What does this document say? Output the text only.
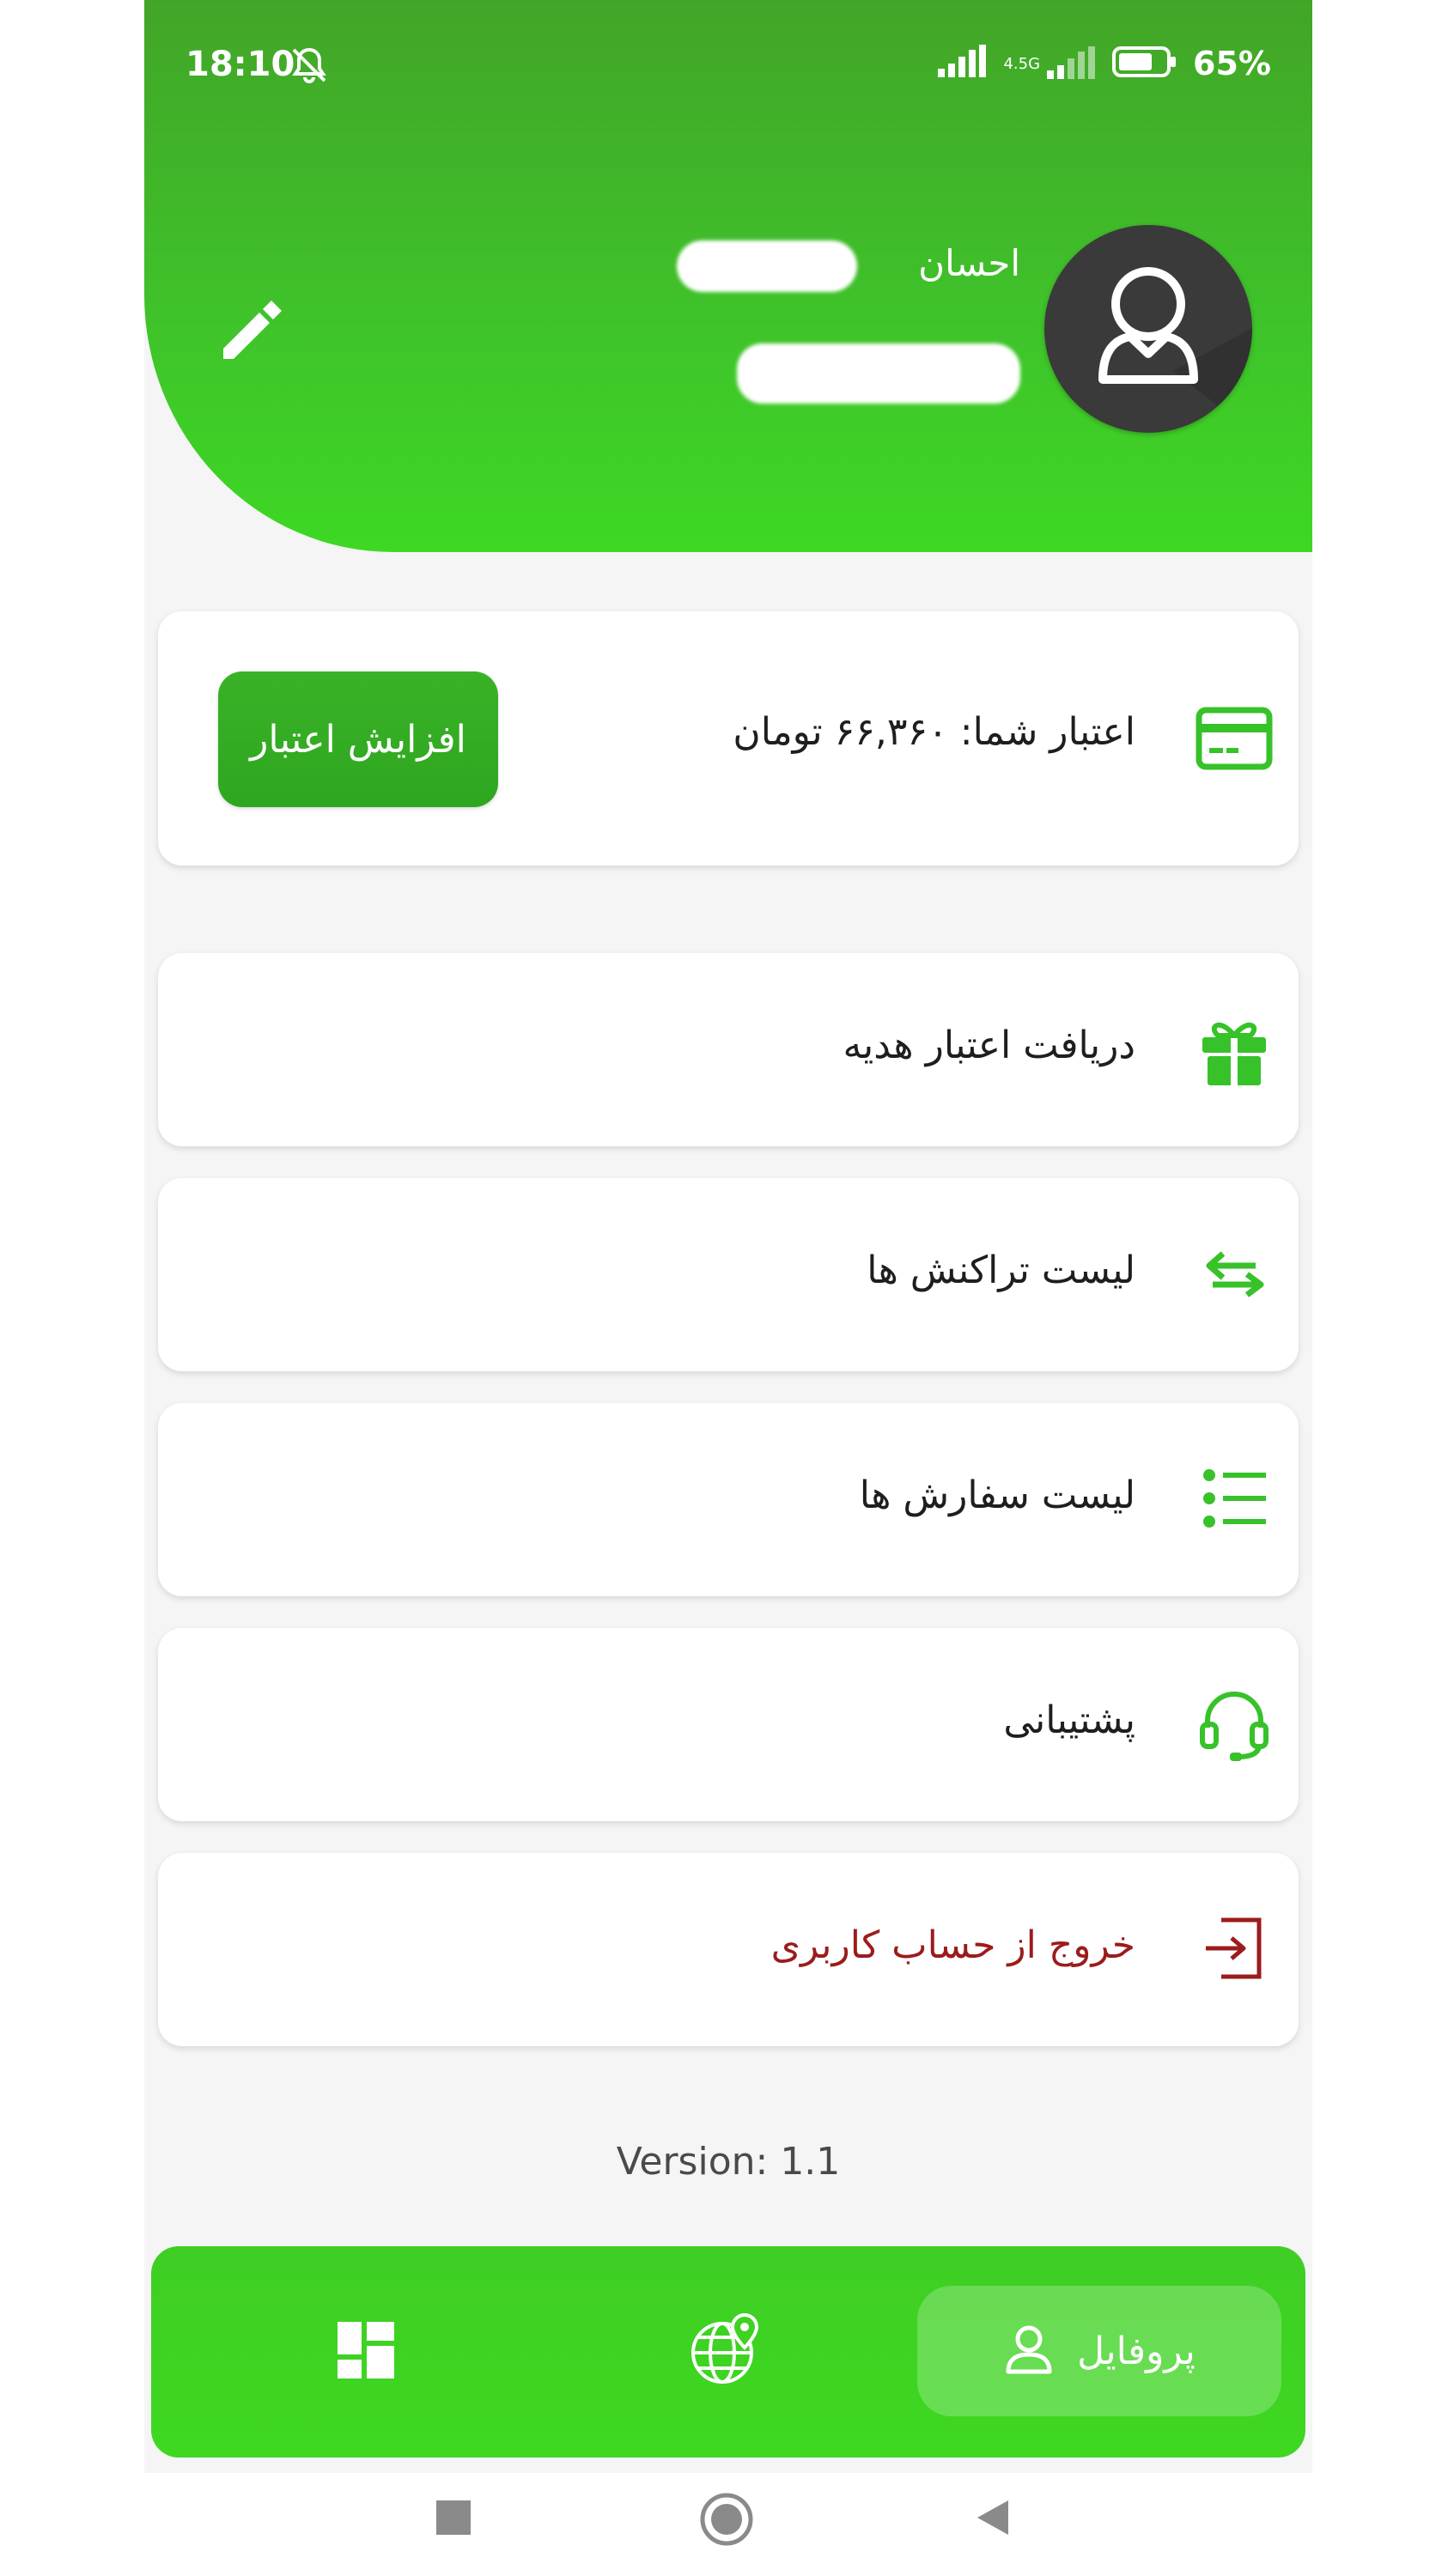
18:10	4.5G	65%
احسان
اعتبار شما: ۶۶,۳۶۰ تومان
افزایش اعتبار
دریافت اعتبار هدیه
لیست تراکنش ها
لیست سفارش ها
پشتیبانی
خروج از حساب کاربری
Version: 1.1
پروفایل
